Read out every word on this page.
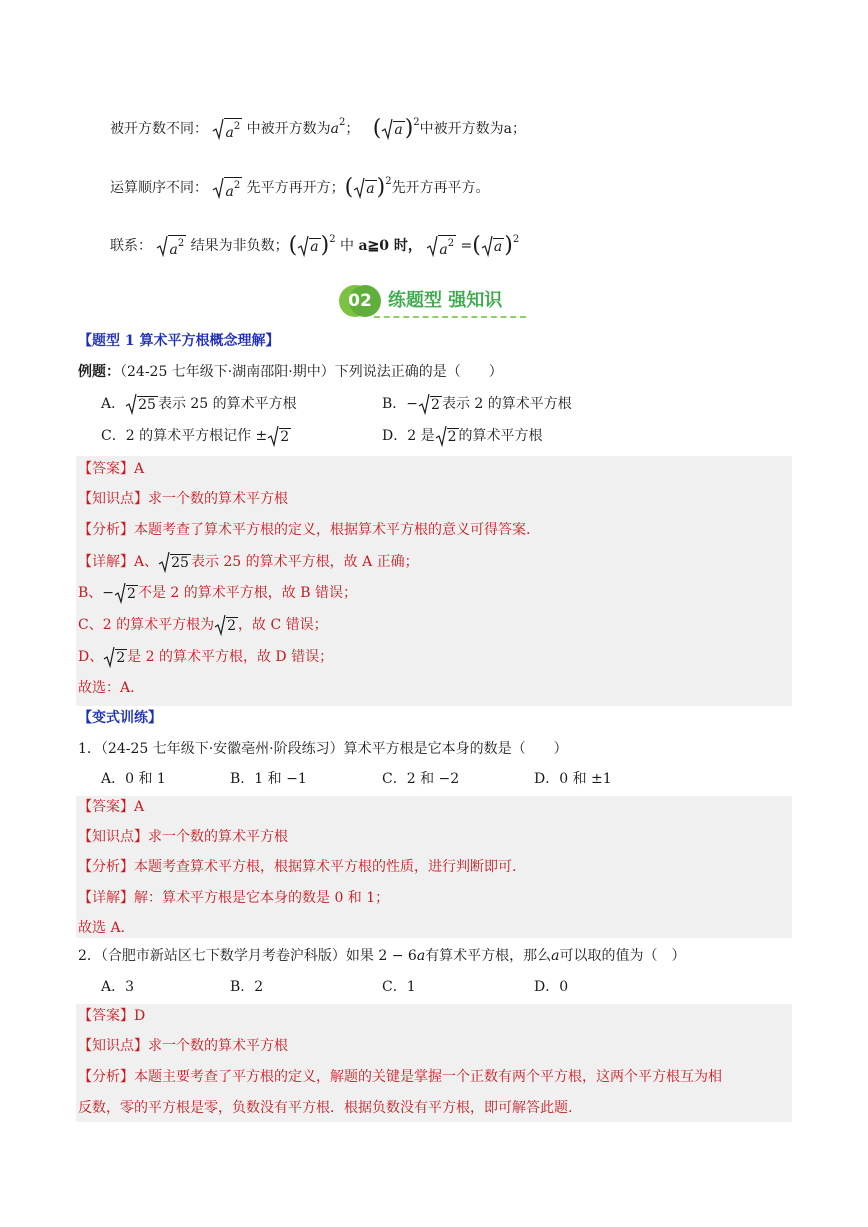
被开方数不同： $a^2$ 中被开方数为$a^2$； ( a)$^2$中被开方数为a；
运算顺序不同： $a^2$ 先平方再开方；( a)$^2$先开方再平方。
联系： $a^2$ 结果为非负数；( a)$^2$ 中 a≧0 时， $a^2$ =( a)$^2$
02 练题型 强知识
【题型 1 算术平方根概念理解】
例题：（24-25 七年级下·湖南邵阳·期中）下列说法正确的是（　　）
A． 25 表示 25 的算术平方根	B．− 2 表示 2 的算术平方根
C．2 的算术平方根记作 ± 2	D．2 是 2 的算术平方根
【答案】A
【知识点】求一个数的算术平方根
【分析】本题考查了算术平方根的定义，根据算术平方根的意义可得答案.
【详解】A、 25 表示 25 的算术平方根，故 A 正确；
B、− 2 不是 2 的算术平方根，故 B 错误；
C、2 的算术平方根为 2 ，故 C 错误；
D、 2 是 2 的算术平方根，故 D 错误；
故选：A.
【变式训练】
1．（24-25 七年级下·安徽亳州·阶段练习）算术平方根是它本身的数是（　　）
A．0 和 1	B．1 和 −1	C．2 和 −2	D．0 和 ±1
【答案】A
【知识点】求一个数的算术平方根
【分析】本题考查算术平方根，根据算术平方根的性质，进行判断即可.
【详解】解：算术平方根是它本身的数是 0 和 1；
故选 A.
2．（合肥市新站区七下数学月考卷沪科版）如果 2 − 6a有算术平方根，那么a可以取的值为（　）
A．3	B．2	C．1	D．0
【答案】D
【知识点】求一个数的算术平方根
【分析】本题主要考查了平方根的定义，解题的关键是掌握一个正数有两个平方根，这两个平方根互为相
反数，零的平方根是零，负数没有平方根．根据负数没有平方根，即可解答此题.
